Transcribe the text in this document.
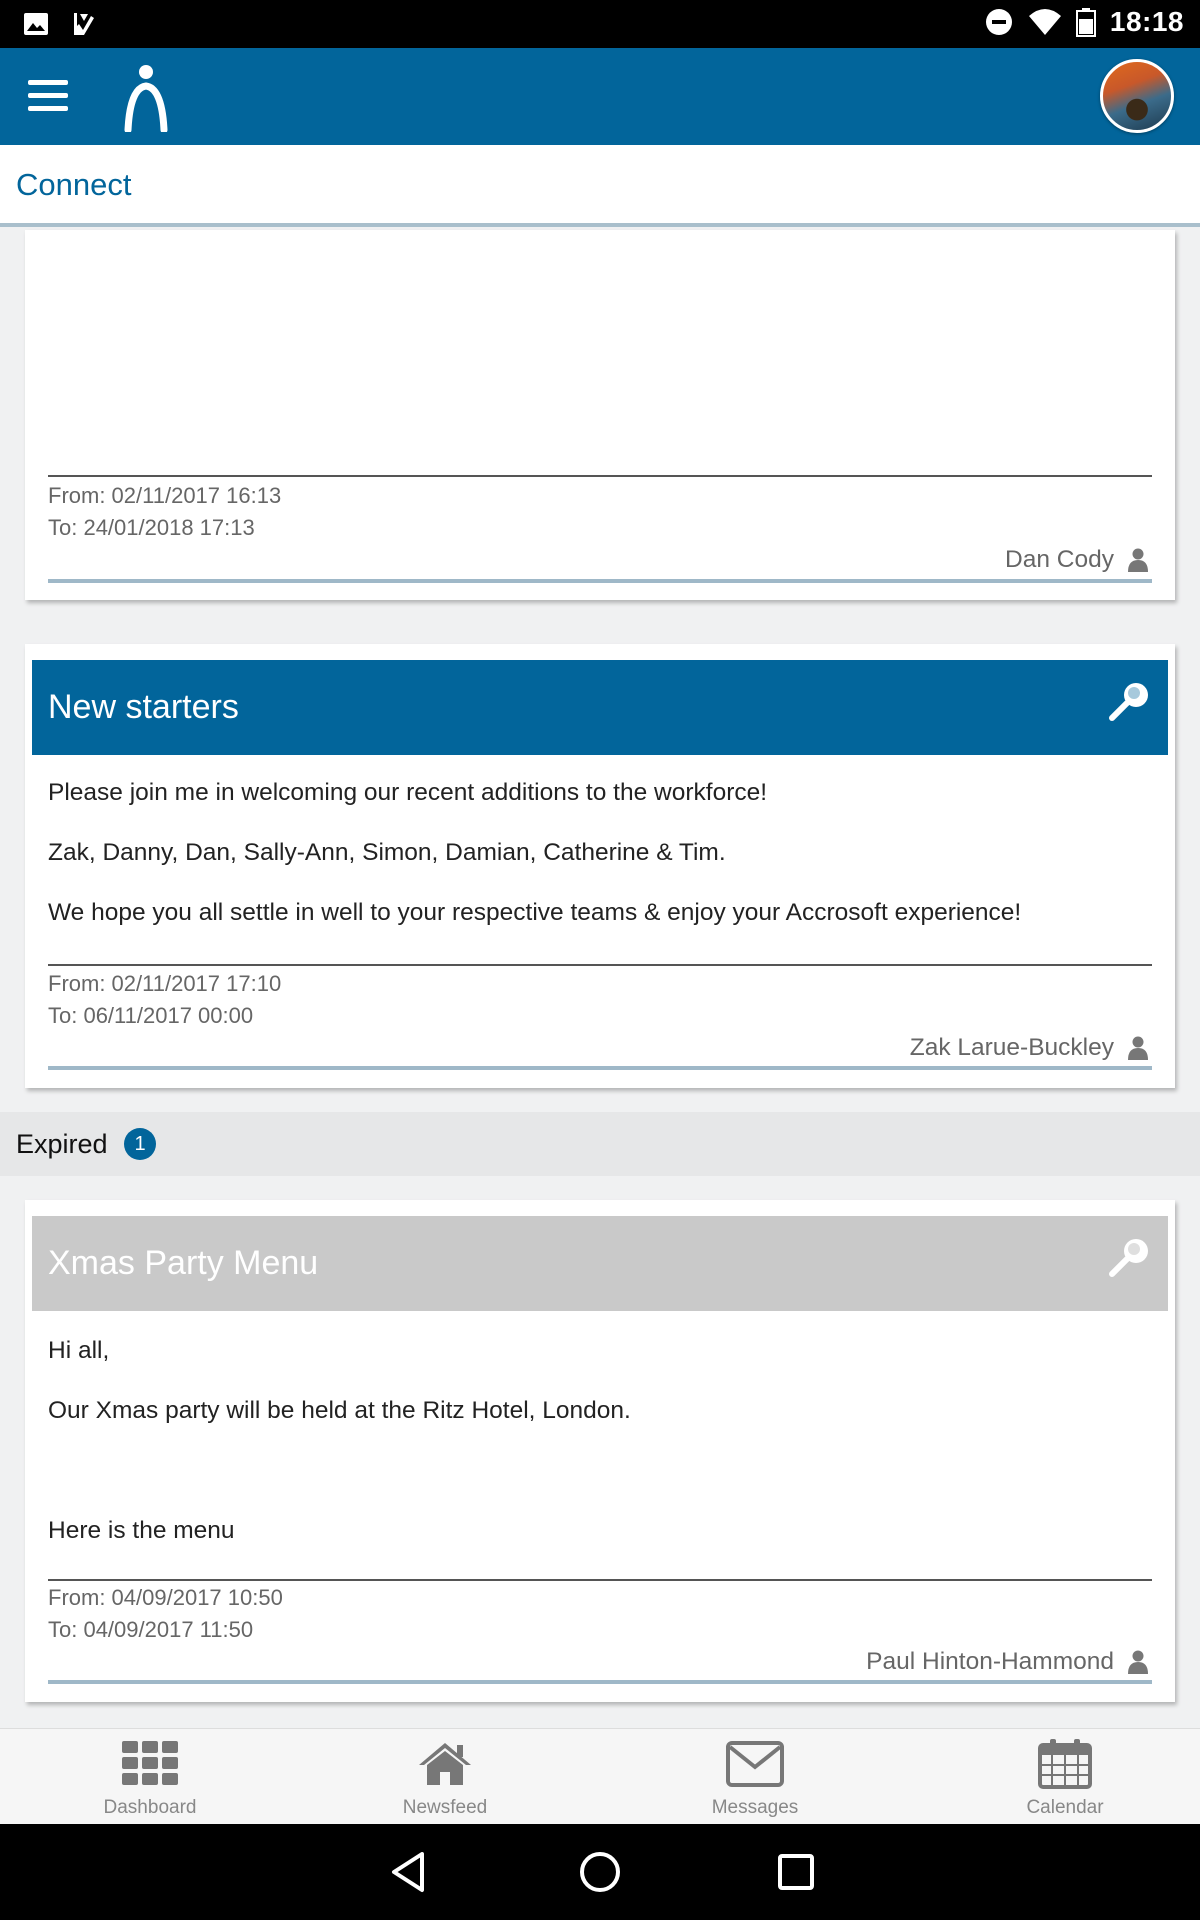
18:18
Connect
From: 02/11/2017 16:13
To: 24/01/2018 17:13
Dan Cody
New starters

Please join me in welcoming our recent additions to the workforce!

Zak, Danny, Dan, Sally-Ann, Simon, Damian, Catherine & Tim.

We hope you all settle in well to your respective teams & enjoy your Accrosoft experience!

From: 02/11/2017 17:10
To: 06/11/2017 00:00
Zak Larue-Buckley
Expired	1
Xmas Party Menu

Hi all,

Our Xmas party will be held at the Ritz Hotel, London.

Here is the menu

From: 04/09/2017 10:50
To: 04/09/2017 11:50
Paul Hinton-Hammond
Dashboard	Newsfeed	Messages	Calendar
